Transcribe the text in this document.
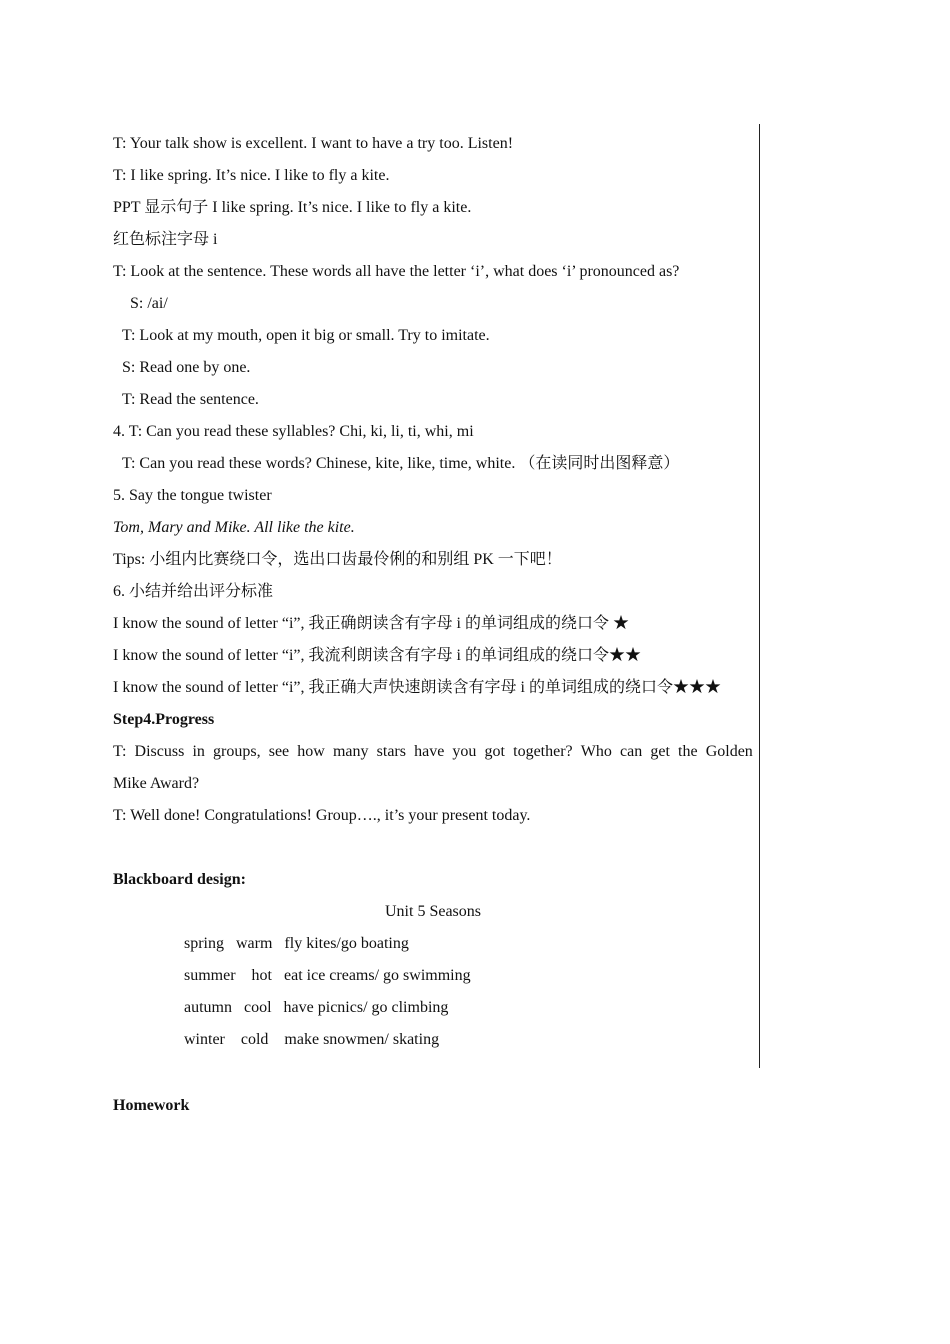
T: Your talk show is excellent. I want to have a try too. Listen!
T: I like spring. It’s nice. I like to fly a kite.
PPT 显示句子 I like spring. It’s nice. I like to fly a kite.
红色标注字母 i
T: Look at the sentence. These words all have the letter ‘i’, what does ‘i’ pronounced as?
S: /ai/
T: Look at my mouth, open it big or small. Try to imitate.
S: Read one by one.
T: Read the sentence.
4. T: Can you read these syllables? Chi, ki, li, ti, whi, mi
T: Can you read these words? Chinese, kite, like, time, white. （在读同时出图释意）
5. Say the tongue twister
Tom, Mary and Mike. All like the kite.
Tips: 小组内比赛绕口令，选出口齿最伶俐的和别组 PK 一下吧！
6. 小结并给出评分标准
I know the sound of letter “i”, 我正确朗读含有字母 i 的单词组成的绕口令 ★
I know the sound of letter “i”, 我流利朗读含有字母 i 的单词组成的绕口令★★
I know the sound of letter “i”, 我正确大声快速朗读含有字母 i 的单词组成的绕口令★★★
Step4.Progress
T: Discuss in groups, see how many stars have you got together? Who can get the Golden
Mike Award?
T: Well done! Congratulations! Group…., it’s your present today.
Blackboard design:
Unit 5 Seasons
spring   warm   fly kites/go boating
summer    hot   eat ice creams/ go swimming
autumn   cool   have picnics/ go climbing
winter    cold    make snowmen/ skating
Homework
